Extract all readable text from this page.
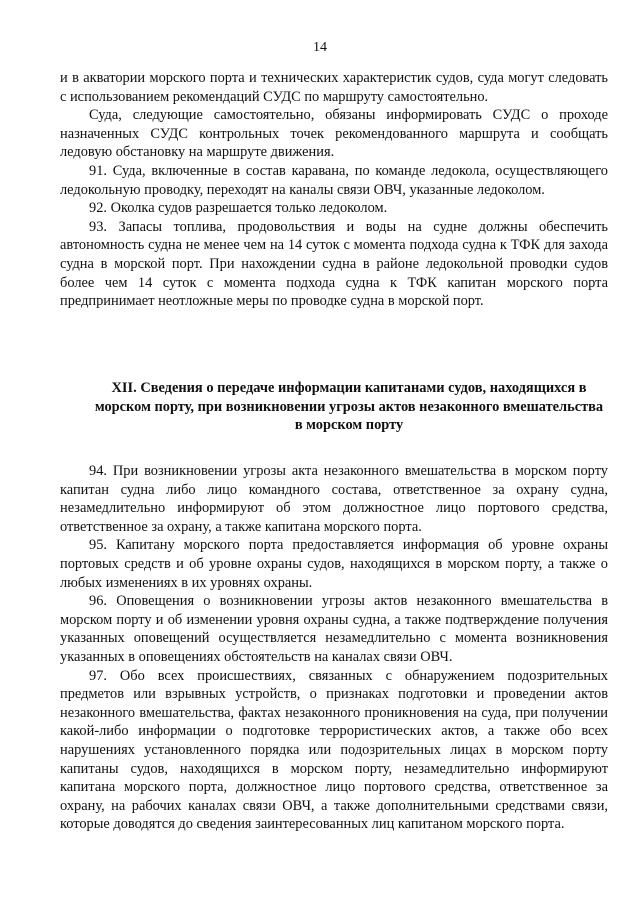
14

и в акватории морского порта и технических характеристик судов, суда могут следовать с использованием рекомендаций СУДС по маршруту самостоятельно.

Суда, следующие самостоятельно, обязаны информировать СУДС о проходе назначенных СУДС контрольных точек рекомендованного маршрута и сообщать ледовую обстановку на маршруте движения.

91. Суда, включенные в состав каравана, по команде ледокола, осуществляющего ледокольную проводку, переходят на каналы связи ОВЧ, указанные ледоколом.

92. Околка судов разрешается только ледоколом.

93. Запасы топлива, продовольствия и воды на судне должны обеспечить автономность судна не менее чем на 14 суток с момента подхода судна к ТФК для захода судна в морской порт. При нахождении судна в районе ледокольной проводки судов более чем 14 суток с момента подхода судна к ТФК капитан морского порта предпринимает неотложные меры по проводке судна в морской порт.

XII. Сведения о передаче информации капитанами судов, находящихся в
морском порту, при возникновении угрозы актов незаконного вмешательства
в морском порту

94. При возникновении угрозы акта незаконного вмешательства в морском порту капитан судна либо лицо командного состава, ответственное за охрану судна, незамедлительно информируют об этом должностное лицо портового средства, ответственное за охрану, а также капитана морского порта.

95. Капитану морского порта предоставляется информация об уровне охраны портовых средств и об уровне охраны судов, находящихся в морском порту, а также о любых изменениях в их уровнях охраны.

96. Оповещения о возникновении угрозы актов незаконного вмешательства в морском порту и об изменении уровня охраны судна, а также подтверждение получения указанных оповещений осуществляется незамедлительно с момента возникновения указанных в оповещениях обстоятельств на каналах связи ОВЧ.

97. Обо всех происшествиях, связанных с обнаружением подозрительных предметов или взрывных устройств, о признаках подготовки и проведении актов незаконного вмешательства, фактах незаконного проникновения на суда, при получении какой-либо информации о подготовке террористических актов, а также обо всех нарушениях установленного порядка или подозрительных лицах в морском порту капитаны судов, находящихся в морском порту, незамедлительно информируют капитана морского порта, должностное лицо портового средства, ответственное за охрану, на рабочих каналах связи ОВЧ, а также дополнительными средствами связи, которые доводятся до сведения заинтересованных лиц капитаном морского порта.
